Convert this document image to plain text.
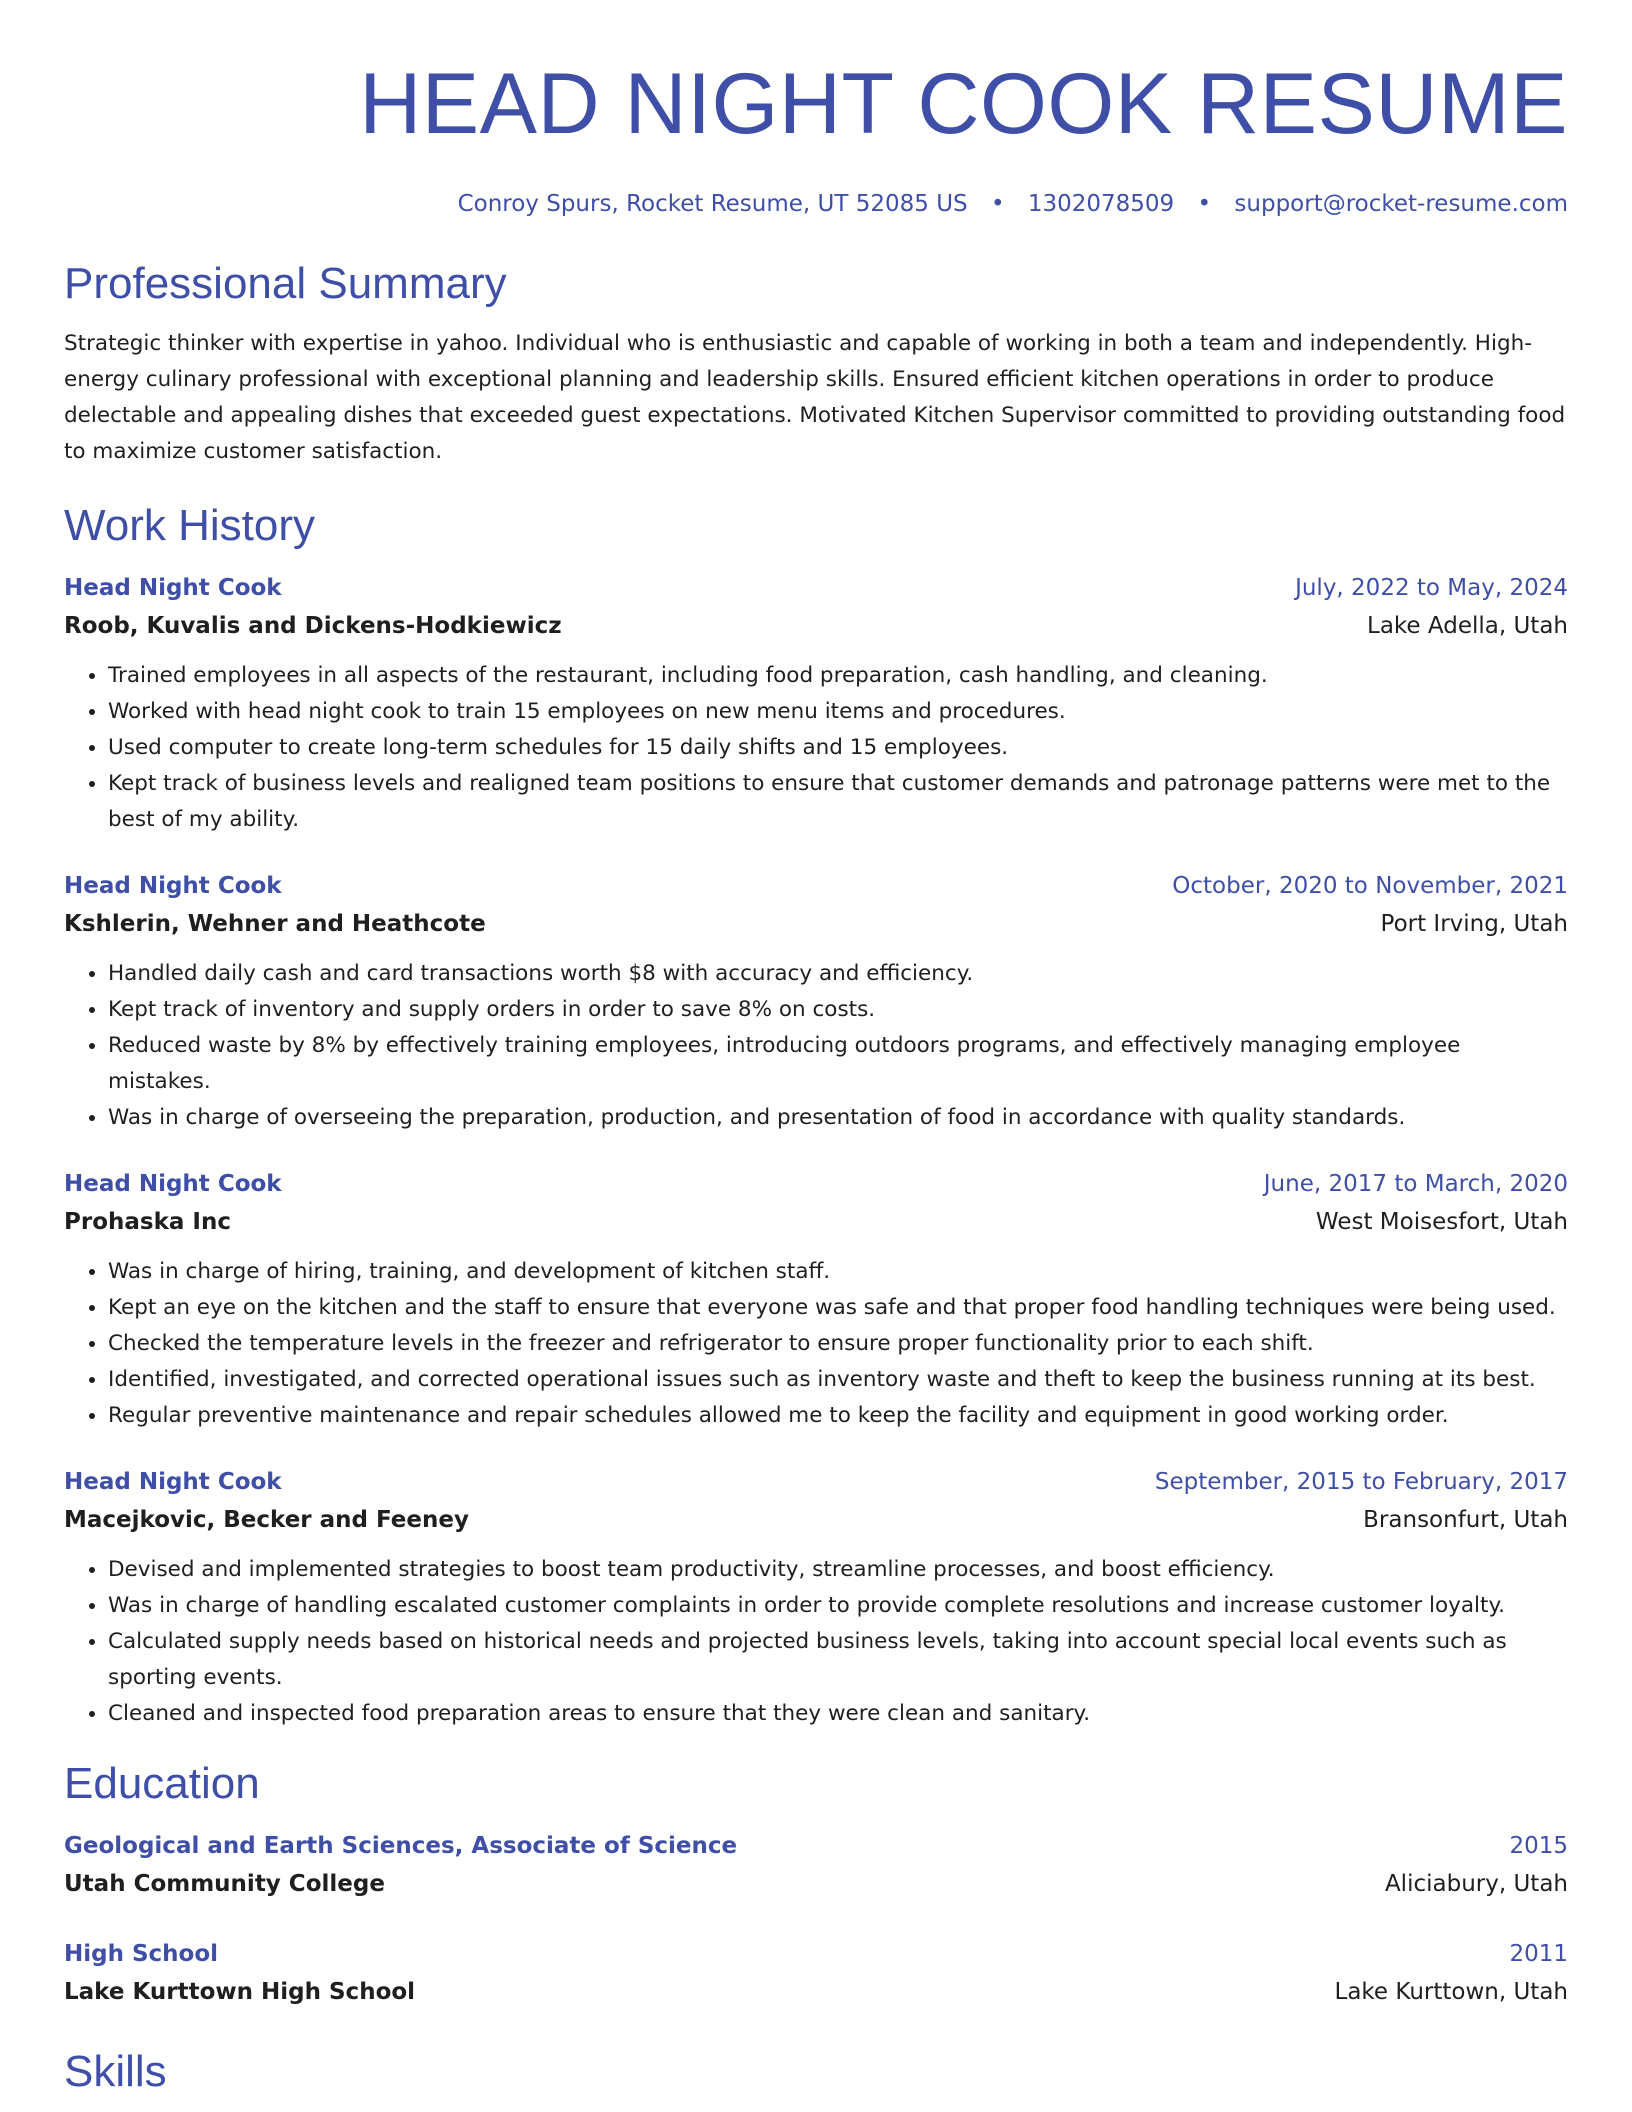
HEAD NIGHT COOK RESUME
Conroy Spurs, Rocket Resume, UT 52085 US • 1302078509 • support@rocket-resume.com
Professional Summary
Strategic thinker with expertise in yahoo. Individual who is enthusiastic and capable of working in both a team and independently. High-energy culinary professional with exceptional planning and leadership skills. Ensured efficient kitchen operations in order to produce delectable and appealing dishes that exceeded guest expectations. Motivated Kitchen Supervisor committed to providing outstanding food to maximize customer satisfaction.
Work History
Head Night Cook	July, 2022 to May, 2024
Roob, Kuvalis and Dickens-Hodkiewicz	Lake Adella, Utah
• Trained employees in all aspects of the restaurant, including food preparation, cash handling, and cleaning.
• Worked with head night cook to train 15 employees on new menu items and procedures.
• Used computer to create long-term schedules for 15 daily shifts and 15 employees.
• Kept track of business levels and realigned team positions to ensure that customer demands and patronage patterns were met to the best of my ability.
Head Night Cook	October, 2020 to November, 2021
Kshlerin, Wehner and Heathcote	Port Irving, Utah
• Handled daily cash and card transactions worth $8 with accuracy and efficiency.
• Kept track of inventory and supply orders in order to save 8% on costs.
• Reduced waste by 8% by effectively training employees, introducing outdoors programs, and effectively managing employee mistakes.
• Was in charge of overseeing the preparation, production, and presentation of food in accordance with quality standards.
Head Night Cook	June, 2017 to March, 2020
Prohaska Inc	West Moisesfort, Utah
• Was in charge of hiring, training, and development of kitchen staff.
• Kept an eye on the kitchen and the staff to ensure that everyone was safe and that proper food handling techniques were being used.
• Checked the temperature levels in the freezer and refrigerator to ensure proper functionality prior to each shift.
• Identified, investigated, and corrected operational issues such as inventory waste and theft to keep the business running at its best.
• Regular preventive maintenance and repair schedules allowed me to keep the facility and equipment in good working order.
Head Night Cook	September, 2015 to February, 2017
Macejkovic, Becker and Feeney	Bransonfurt, Utah
• Devised and implemented strategies to boost team productivity, streamline processes, and boost efficiency.
• Was in charge of handling escalated customer complaints in order to provide complete resolutions and increase customer loyalty.
• Calculated supply needs based on historical needs and projected business levels, taking into account special local events such as sporting events.
• Cleaned and inspected food preparation areas to ensure that they were clean and sanitary.
Education
Geological and Earth Sciences, Associate of Science	2015
Utah Community College	Aliciabury, Utah
High School	2011
Lake Kurttown High School	Lake Kurttown, Utah
Skills
